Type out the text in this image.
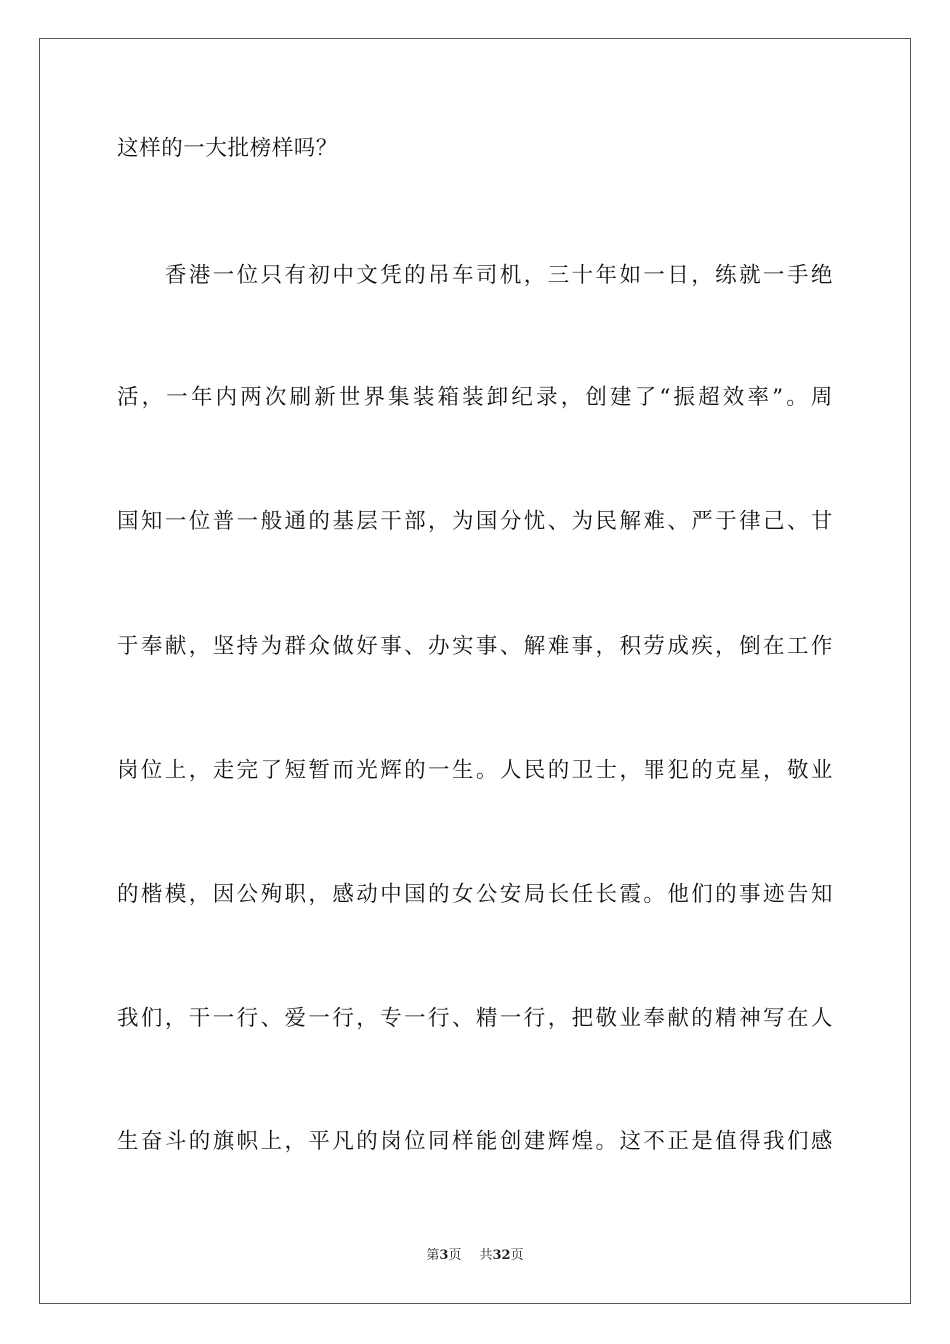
这样的一大批榜样吗？
　　香港一位只有初中文凭的吊车司机，三十年如一日，练就一手绝
活，一年内两次刷新世界集装箱装卸纪录，创建了“振超效率”。周
国知一位普一般通的基层干部，为国分忧、为民解难、严于律己、甘
于奉献，坚持为群众做好事、办实事、解难事，积劳成疾，倒在工作
岗位上，走完了短暂而光辉的一生。人民的卫士，罪犯的克星，敬业
的楷模，因公殉职，感动中国的女公安局长任长霞。他们的事迹告知
我们，干一行、爱一行，专一行、精一行，把敬业奉献的精神写在人
生奋斗的旗帜上，平凡的岗位同样能创建辉煌。这不正是值得我们感
第3页 共32页
